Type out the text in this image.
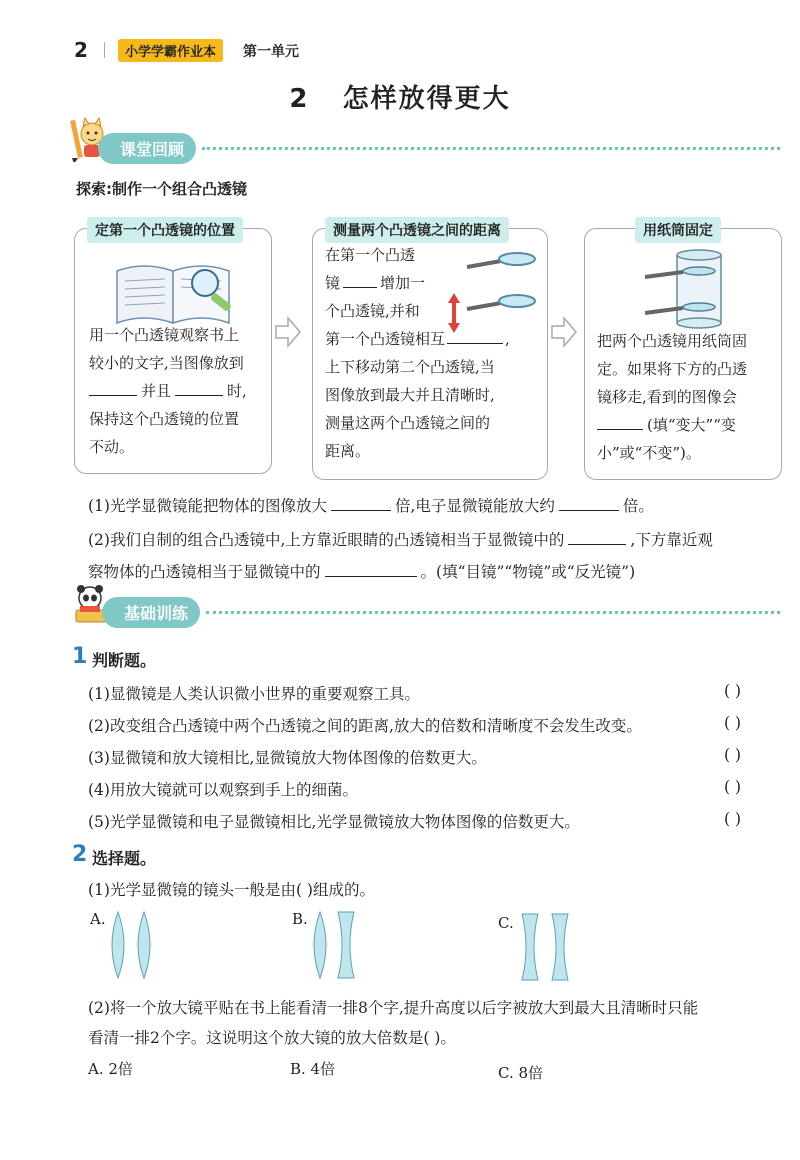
2	小学学霸作业本	第一单元
2   怎样放得更大
课堂回顾
探索:制作一个组合凸透镜
定第一个凸透镜的位置
用一个凸透镜观察书上
较小的文字,当图像放到
并且	时,
保持这个凸透镜的位置
不动。
测量两个凸透镜之间的距离
在第一个凸透
镜	增加一
个凸透镜,并和
第一个凸透镜相互	,
上下移动第二个凸透镜,当
图像放到最大并且清晰时,
测量这两个凸透镜之间的
距离。
用纸筒固定
把两个凸透镜用纸筒固
定。如果将下方的凸透
镜移走,看到的图像会
(填“变大”“变
小”或“不变”)。
(1)光学显微镜能把物体的图像放大	倍,电子显微镜能放大约	倍。
(2)我们自制的组合凸透镜中,上方靠近眼睛的凸透镜相当于显微镜中的	,下方靠近观
察物体的凸透镜相当于显微镜中的	。(填“目镜”“物镜”或“反光镜”)
基础训练
1 判断题。
(1)显微镜是人类认识微小世界的重要观察工具。	( )
(2)改变组合凸透镜中两个凸透镜之间的距离,放大的倍数和清晰度不会发生改变。	( )
(3)显微镜和放大镜相比,显微镜放大物体图像的倍数更大。	( )
(4)用放大镜就可以观察到手上的细菌。	( )
(5)光学显微镜和电子显微镜相比,光学显微镜放大物体图像的倍数更大。	( )
2 选择题。
(1)光学显微镜的镜头一般是由( )组成的。
A.	B.	C.
(2)将一个放大镜平贴在书上能看清一排8个字,提升高度以后字被放大到最大且清晰时只能
看清一排2个字。这说明这个放大镜的放大倍数是( )。
A. 2倍	B. 4倍	C. 8倍
